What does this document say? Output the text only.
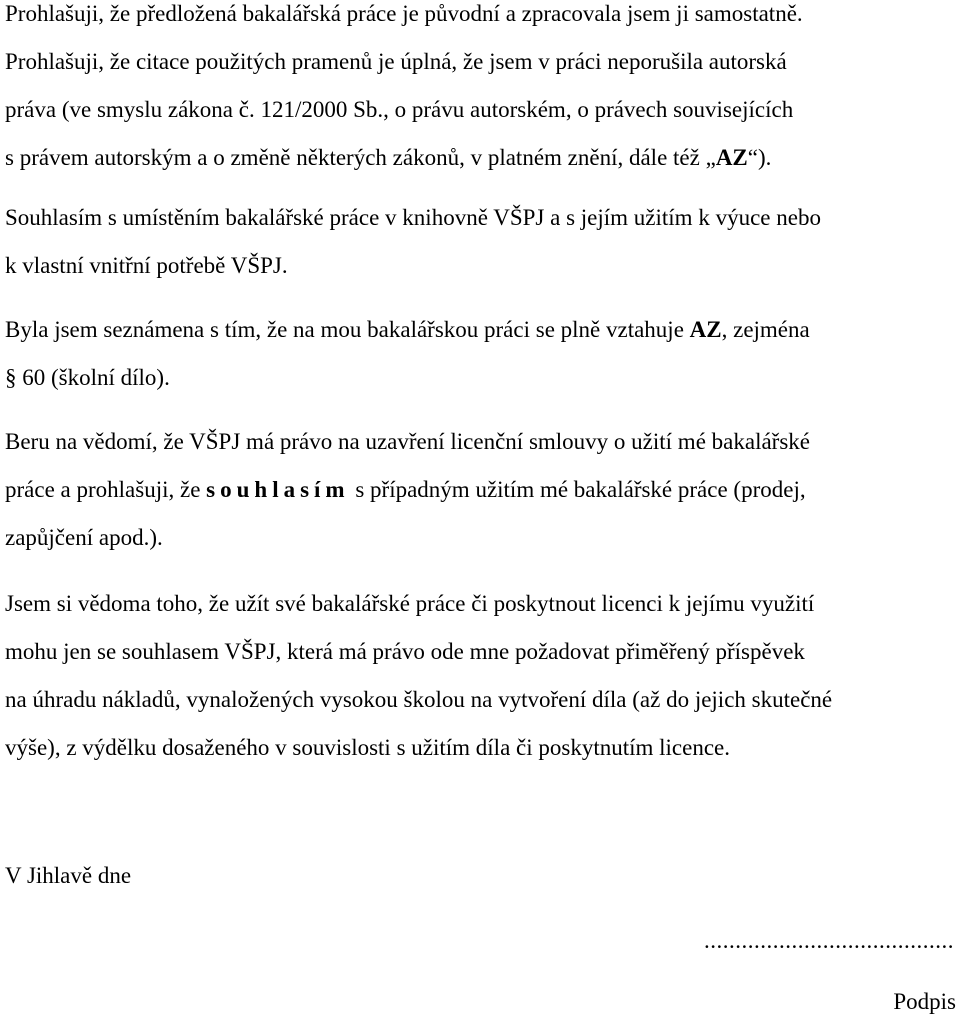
Prohlašuji, že předložená bakalářská práce je původní a zpracovala jsem ji samostatně.

Prohlašuji, že citace použitých pramenů je úplná, že jsem v práci neporušila autorská

práva (ve smyslu zákona č. 121/2000 Sb., o právu autorském, o právech souvisejících

s právem autorským a o změně některých zákonů, v platném znění, dále též „AZ“).

Souhlasím s umístěním bakalářské práce v knihovně VŠPJ a s jejím užitím k výuce nebo

k vlastní vnitřní potřebě VŠPJ.

Byla jsem seznámena s tím, že na mou bakalářskou práci se plně vztahuje AZ, zejména

§ 60 (školní dílo).

Beru na vědomí, že VŠPJ má právo na uzavření licenční smlouvy o užití mé bakalářské

práce a prohlašuji, že souhlasím s případným užitím mé bakalářské práce (prodej,

zapůjčení apod.).

Jsem si vědoma toho, že užít své bakalářské práce či poskytnout licenci k jejímu využití

mohu jen se souhlasem VŠPJ, která má právo ode mne požadovat přiměřený příspěvek

na úhradu nákladů, vynaložených vysokou školou na vytvoření díla (až do jejich skutečné

výše), z výdělku dosaženého v souvislosti s užitím díla či poskytnutím licence.

V Jihlavě dne

........................................

Podpis
